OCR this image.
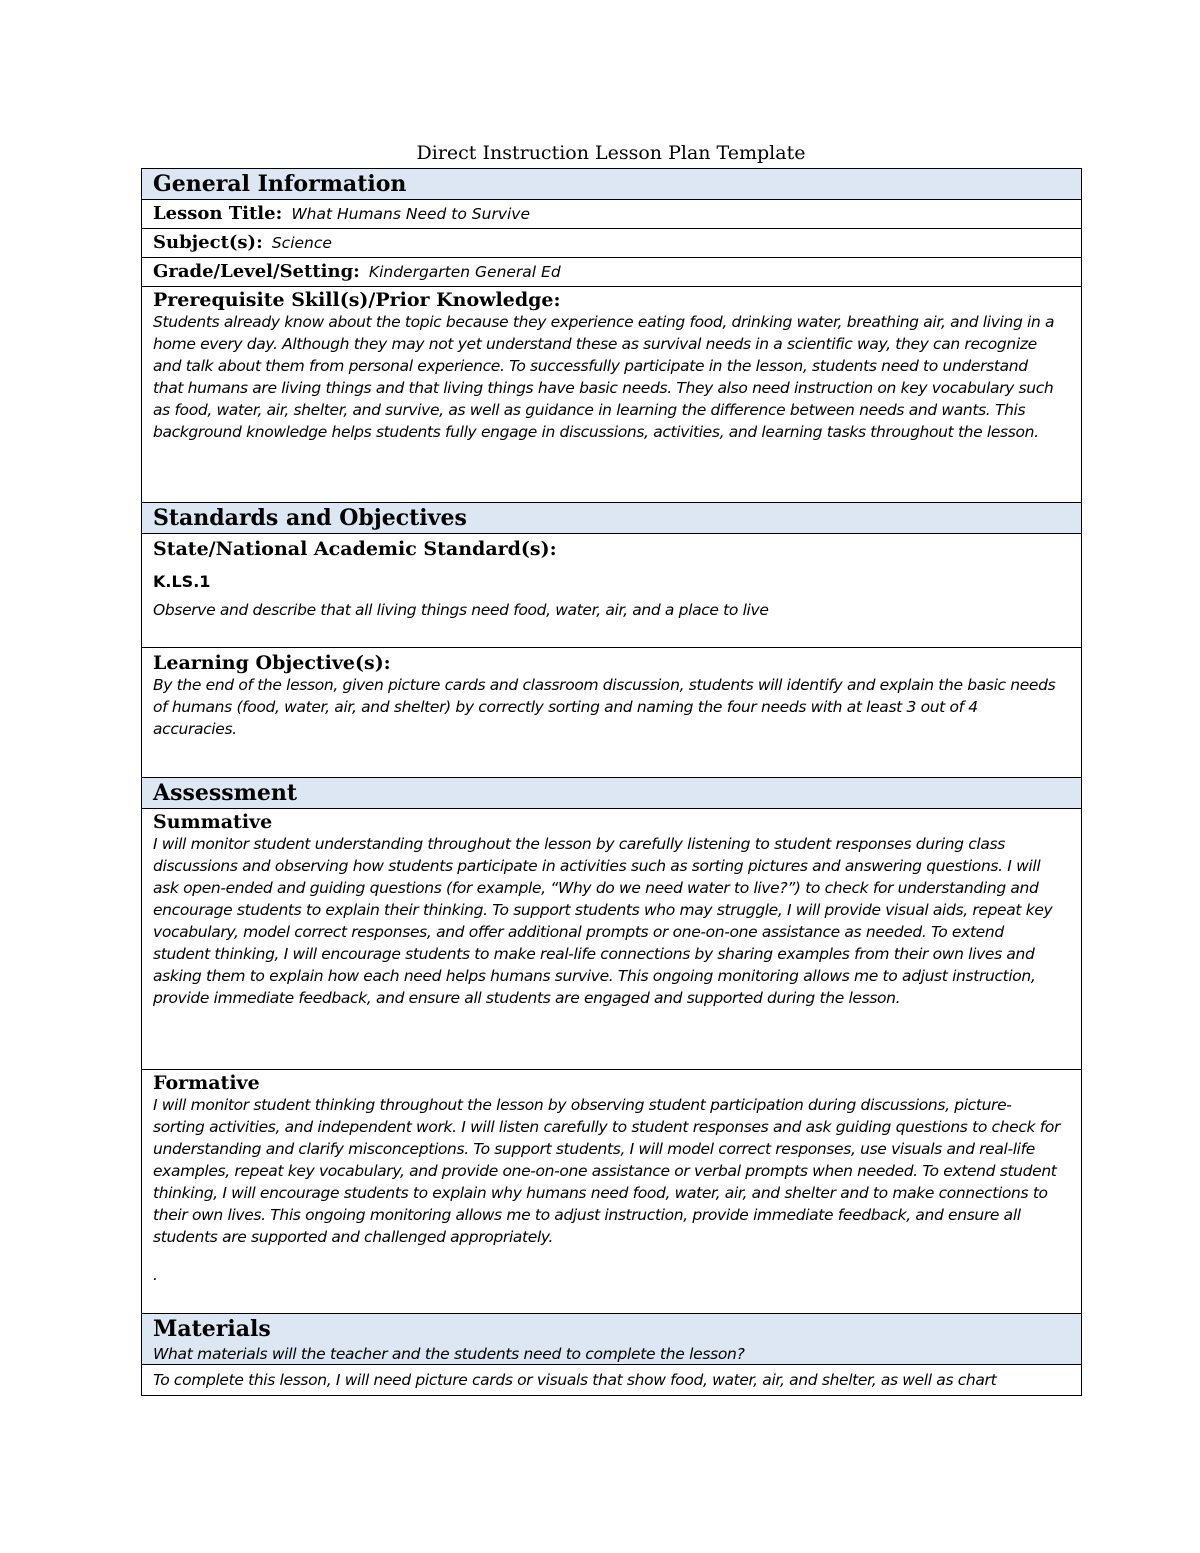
Direct Instruction Lesson Plan Template
General Information
Lesson Title: What Humans Need to Survive
Subject(s): Science
Grade/Level/Setting: Kindergarten General Ed

Prerequisite Skill(s)/Prior Knowledge:
Students already know about the topic because they experience eating food, drinking water, breathing air, and living in a home every day. Although they may not yet understand these as survival needs in a scientific way, they can recognize and talk about them from personal experience. To successfully participate in the lesson, students need to understand that humans are living things and that living things have basic needs. They also need instruction on key vocabulary such as food, water, air, shelter, and survive, as well as guidance in learning the difference between needs and wants. This background knowledge helps students fully engage in discussions, activities, and learning tasks throughout the lesson.

Standards and Objectives

State/National Academic Standard(s):
K.LS.1
Observe and describe that all living things need food, water, air, and a place to live

Learning Objective(s):
By the end of the lesson, given picture cards and classroom discussion, students will identify and explain the basic needs of humans (food, water, air, and shelter) by correctly sorting and naming the four needs with at least 3 out of 4 accuracies.

Assessment

Summative
I will monitor student understanding throughout the lesson by carefully listening to student responses during class discussions and observing how students participate in activities such as sorting pictures and answering questions. I will ask open-ended and guiding questions (for example, “Why do we need water to live?”) to check for understanding and encourage students to explain their thinking. To support students who may struggle, I will provide visual aids, repeat key vocabulary, model correct responses, and offer additional prompts or one-on-one assistance as needed. To extend student thinking, I will encourage students to make real-life connections by sharing examples from their own lives and asking them to explain how each need helps humans survive. This ongoing monitoring allows me to adjust instruction, provide immediate feedback, and ensure all students are engaged and supported during the lesson.

Formative
I will monitor student thinking throughout the lesson by observing student participation during discussions, picture-sorting activities, and independent work. I will listen carefully to student responses and ask guiding questions to check for understanding and clarify misconceptions. To support students, I will model correct responses, use visuals and real-life examples, repeat key vocabulary, and provide one-on-one assistance or verbal prompts when needed. To extend student thinking, I will encourage students to explain why humans need food, water, air, and shelter and to make connections to their own lives. This ongoing monitoring allows me to adjust instruction, provide immediate feedback, and ensure all students are supported and challenged appropriately.
.

Materials
What materials will the teacher and the students need to complete the lesson?

To complete this lesson, I will need picture cards or visuals that show food, water, air, and shelter, as well as chart
